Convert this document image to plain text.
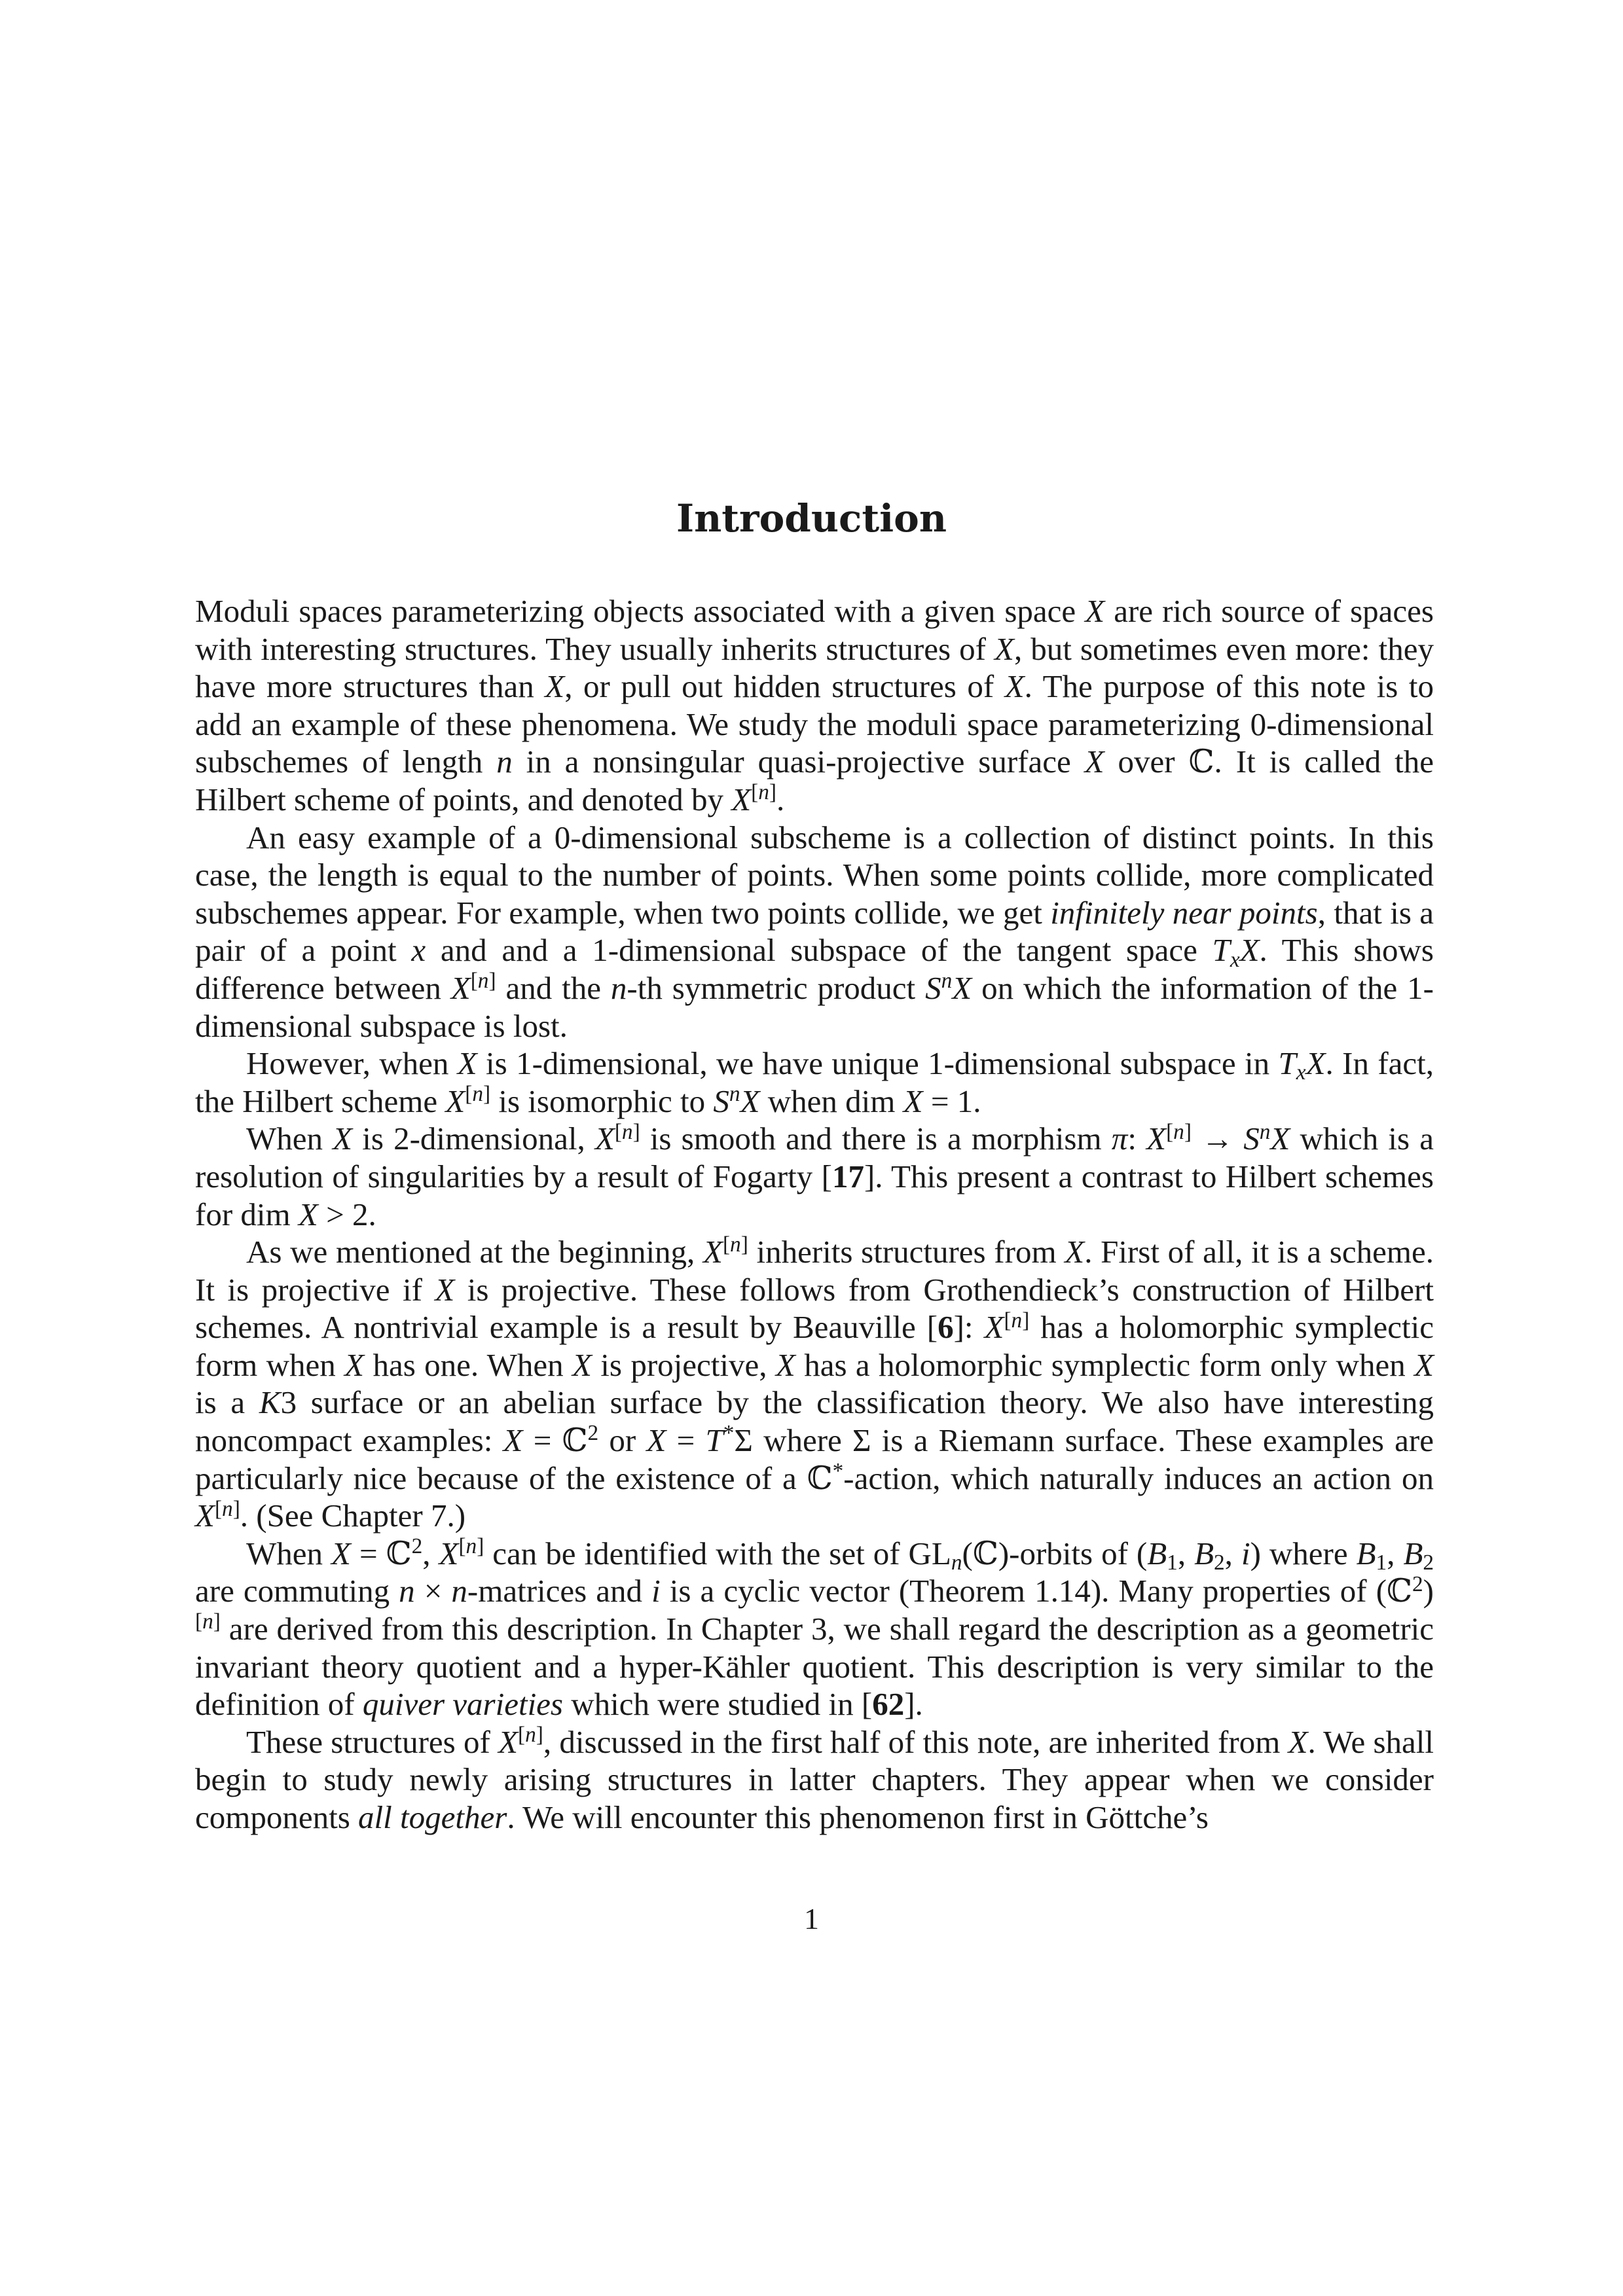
Introduction

Moduli spaces parameterizing objects associated with a given space X are rich source of spaces with interesting structures. They usually inherits structures of X, but sometimes even more: they have more structures than X, or pull out hidden structures of X. The purpose of this note is to add an example of these phenomena. We study the moduli space parameterizing 0-dimensional subschemes of length n in a nonsingular quasi-projective surface X over ℂ. It is called the Hilbert scheme of points, and denoted by X[n].

An easy example of a 0-dimensional subscheme is a collection of distinct points. In this case, the length is equal to the number of points. When some points collide, more complicated subschemes appear. For example, when two points collide, we get infinitely near points, that is a pair of a point x and and a 1-dimensional subspace of the tangent space $T_xX$. This shows difference between X[n] and the n-th symmetric product $S^nX$ on which the information of the 1-dimensional subspace is lost.

However, when X is 1-dimensional, we have unique 1-dimensional subspace in $T_xX$. In fact, the Hilbert scheme X[n] is isomorphic to $S^nX$ when dim X = 1.

When X is 2-dimensional, X[n] is smooth and there is a morphism π: $X[n] \to S^nX$ which is a resolution of singularities by a result of Fogarty [17]. This present a contrast to Hilbert schemes for dim X > 2.

As we mentioned at the beginning, X[n] inherits structures from X. First of all, it is a scheme. It is projective if X is projective. These follows from Grothendieck’s construction of Hilbert schemes. A nontrivial example is a result by Beauville [6]: X[n] has a holomorphic symplectic form when X has one. When X is projective, X has a holomorphic symplectic form only when X is a K3 surface or an abelian surface by the classification theory. We also have interesting noncompact examples: X = ℂ$^2$ or X = T*Σ where Σ is a Riemann surface. These examples are particularly nice because of the existence of a ℂ*-action, which naturally induces an action on X[n]. (See Chapter 7.)

When X = ℂ$^2$, X[n] can be identified with the set of $GL_n(ℂ)$-orbits of ($B_1$, $B_2$, i) where $B_1$, $B_2$ are commuting n × n-matrices and i is a cyclic vector (Theorem 1.14). Many properties of (ℂ$^2$)[n] are derived from this description. In Chapter 3, we shall regard the description as a geometric invariant theory quotient and a hyper-Kähler quotient. This description is very similar to the definition of quiver varieties which were studied in [62].

These structures of X[n], discussed in the first half of this note, are inherited from X. We shall begin to study newly arising structures in latter chapters. They appear when we consider components all together. We will encounter this phenomenon first in Göttche’s

1
